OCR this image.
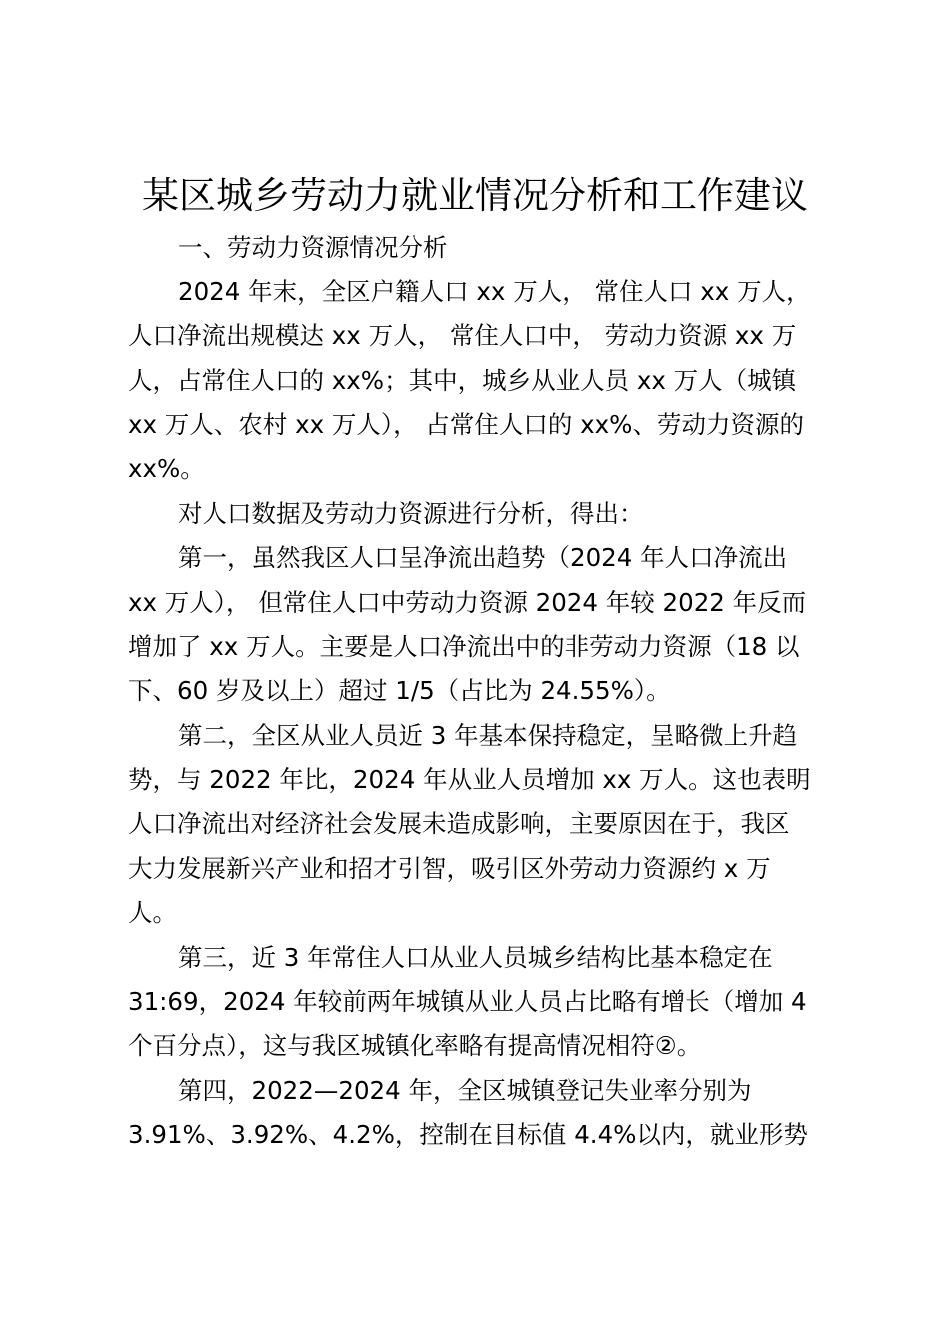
某区城乡劳动力就业情况分析和工作建议
一、劳动力资源情况分析
2024 年末，全区户籍人口 xx 万人， 常住人口 xx 万人，
人口净流出规模达 xx 万人， 常住人口中， 劳动力资源 xx 万
人，占常住人口的 xx%；其中，城乡从业人员 xx 万人（城镇
xx 万人、农村 xx 万人）， 占常住人口的 xx%、劳动力资源的
xx%。
对人口数据及劳动力资源进行分析，得出：
第一，虽然我区人口呈净流出趋势（2024 年人口净流出
xx 万人）， 但常住人口中劳动力资源 2024 年较 2022 年反而
增加了 xx 万人。主要是人口净流出中的非劳动力资源（18 以
下、60 岁及以上）超过 1/5（占比为 24.55%）。
第二，全区从业人员近 3 年基本保持稳定，呈略微上升趋
势，与 2022 年比，2024 年从业人员增加 xx 万人。这也表明
人口净流出对经济社会发展未造成影响，主要原因在于，我区
大力发展新兴产业和招才引智，吸引区外劳动力资源约 x 万
人。
第三，近 3 年常住人口从业人员城乡结构比基本稳定在
31:69，2024 年较前两年城镇从业人员占比略有增长（增加 4
个百分点），这与我区城镇化率略有提高情况相符②。
第四，2022—2024 年，全区城镇登记失业率分别为
3.91%、3.92%、4.2%，控制在目标值 4.4%以内，就业形势
